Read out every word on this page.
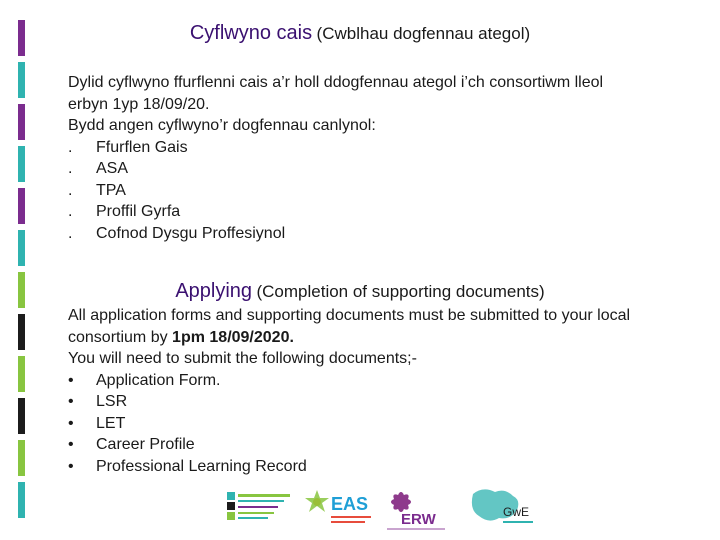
Cyflwyno cais (Cwblhau dogfennau ategol)

Dylid cyflwyno ffurflenni cais a’r holl ddogfennau ategol i’ch consortiwm lleol

erbyn 1yp 18/09/20.

Bydd angen cyflwyno’r dogfennau canlynol:

.	Ffurflen Gais
.	ASA
.	TPA
.	Proffil Gyrfa
.	Cofnod Dysgu Proffesiynol
Applying (Completion of supporting documents)

All application forms and supporting documents must be submitted to your local

consortium by 1pm 18/09/2020.

You will need to submit the following documents;-

•	Application Form.
•	LSR
•	LET
•	Career Profile
•	Professional Learning Record
EAS
ERW	GwE
